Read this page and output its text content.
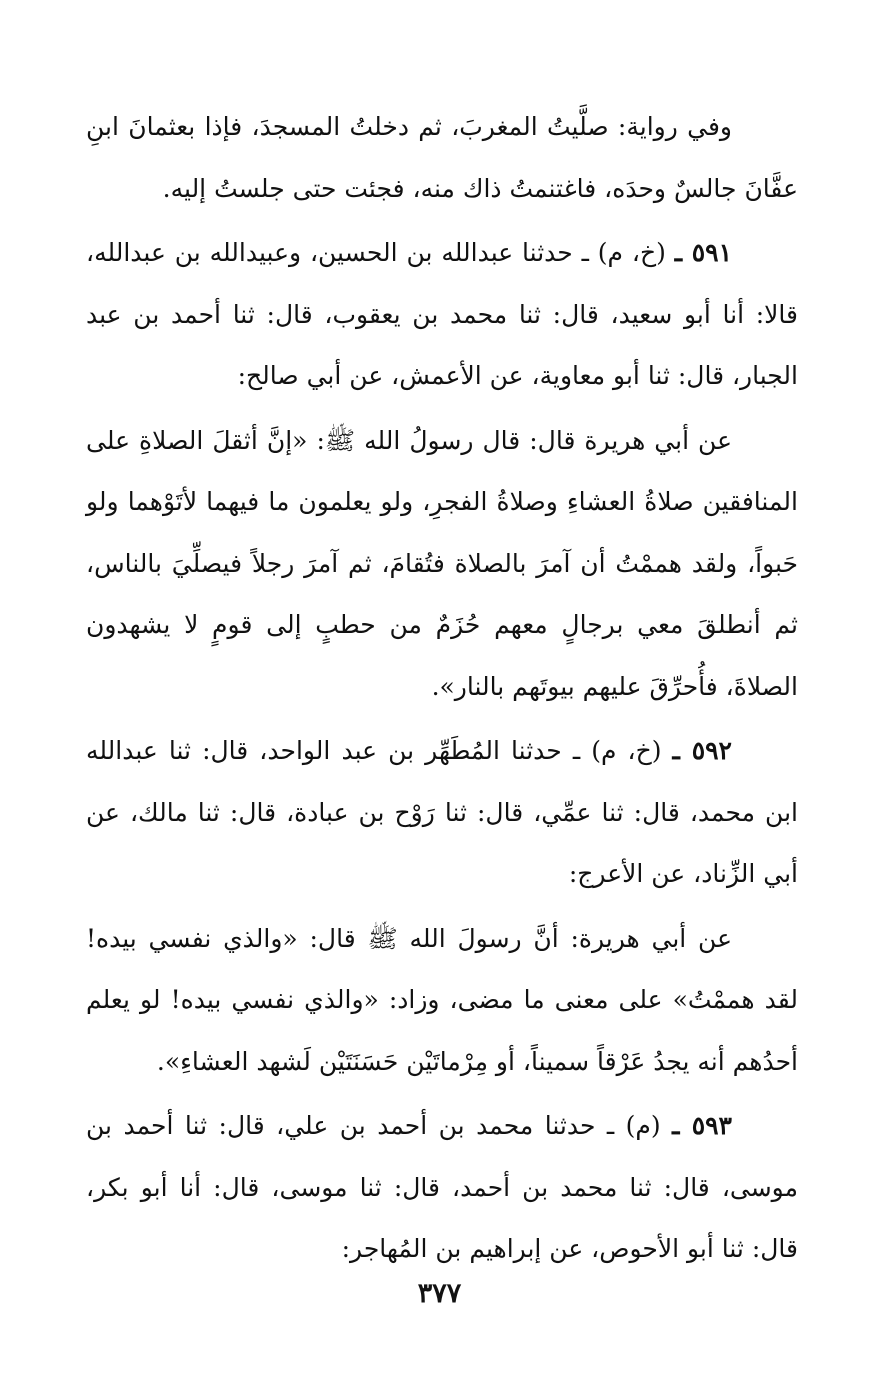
وفي رواية: صلَّيتُ المغربَ، ثم دخلتُ المسجدَ، فإذا بعثمانَ ابنِ عفَّانَ جالسٌ وحدَه، فاغتنمتُ ذاك منه، فجئت حتى جلستُ إليه.

٥٩١ ـ (خ، م) ـ حدثنا عبدالله بن الحسين، وعبيدالله بن عبدالله، قالا: أنا أبو سعيد، قال: ثنا محمد بن يعقوب، قال: ثنا أحمد بن عبد الجبار، قال: ثنا أبو معاوية، عن الأعمش، عن أبي صالح:

عن أبي هريرة قال: قال رسولُ الله ﷺ: «إنَّ أثقلَ الصلاةِ على المنافقين صلاةُ العشاءِ وصلاةُ الفجرِ، ولو يعلمون ما فيهما لأتَوْهما ولو حَبواً، ولقد هممْتُ أن آمرَ بالصلاة فتُقامَ، ثم آمرَ رجلاً فيصلِّيَ بالناس، ثم أنطلقَ معي برجالٍ معهم حُزَمٌ من حطبٍ إلى قومٍ لا يشهدون الصلاةَ، فأُحرِّقَ عليهم بيوتَهم بالنار».

٥٩٢ ـ (خ، م) ـ حدثنا المُطَهِّر بن عبد الواحد، قال: ثنا عبدالله ابن محمد، قال: ثنا عمِّي، قال: ثنا رَوْح بن عبادة، قال: ثنا مالك، عن أبي الزِّناد، عن الأعرج:

عن أبي هريرة: أنَّ رسولَ الله ﷺ قال: «والذي نفسي بيده! لقد هممْتُ» على معنى ما مضى، وزاد: «والذي نفسي بيده! لو يعلم أحدُهم أنه يجدُ عَرْقاً سميناً، أو مِرْماتَيْن حَسَنَتَيْن لَشهد العشاءِ».

٥٩٣ ـ (م) ـ حدثنا محمد بن أحمد بن علي، قال: ثنا أحمد بن موسى، قال: ثنا محمد بن أحمد، قال: ثنا موسى، قال: أنا أبو بكر، قال: ثنا أبو الأحوص، عن إبراهيم بن المُهاجر:

٣٧٧
